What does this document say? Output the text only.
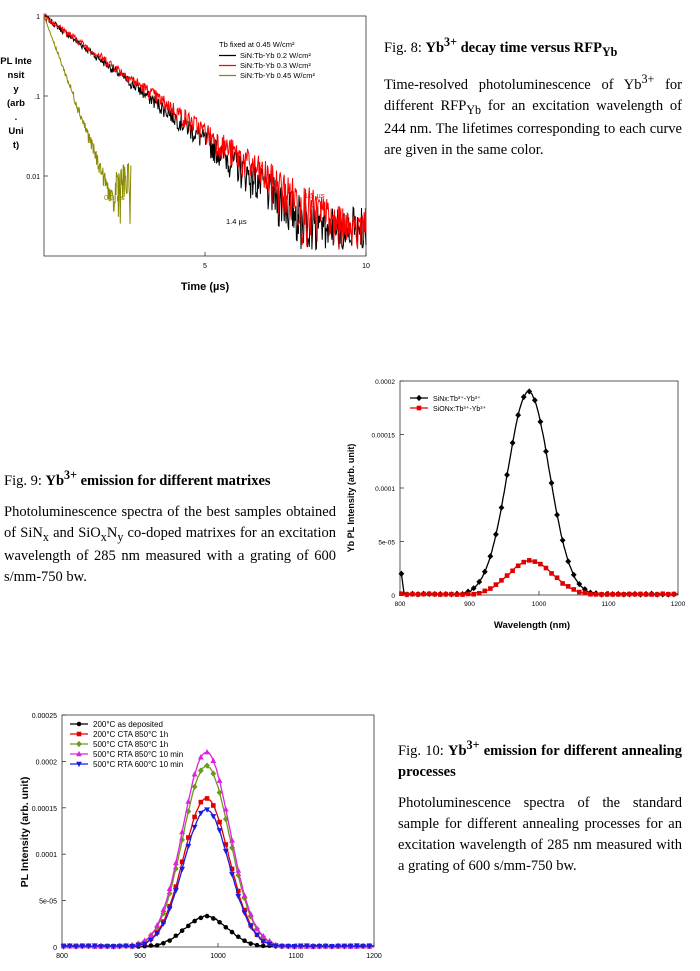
1
.1
0.01
5	10
0.3 µs	1.5 µs
1.4 µs
Tb fixed at 0.45 W/cm²
SiN:Tb-Yb 0.2 W/cm²
SiN:Tb-Yb 0.3 W/cm²
SiN:Tb-Yb 0.45 W/cm²
PL Inte
nsit
y
(arb
.
Uni
t)
Time (µs)

Fig. 8: $Yb^{3+}$ decay time versus $RFP_{Yb}$

Time-resolved photoluminescence of $Yb^{3+}$ for different $RFP_{Yb}$ for an excitation wavelength of 244 nm. The lifetimes corresponding to each curve are given in the same color.

Fig. 9: $Yb^{3+}$ emission for different matrixes

Photoluminescence spectra of the best samples obtained of SiN$_x$ and $SiO_xN_y$ co-doped matrixes for an excitation wavelength of 285 nm measured with a grating of 600 s/mm-750 bw.

0
5e-05
0.0001
0.00015
0.0002
800	900	1000	1100	1200
SiNx:Tb³⁺-Yb³⁺
SiONx:Tb³⁺-Yb³⁺
Yb PL Intensity (arb. unit)
Wavelength (nm)
0
5e-05
0.0001
0.00015
0.0002
0.00025
800	900	1000	1100	1200
200°C as deposited
200°C CTA 850°C 1h
500°C CTA 850°C 1h
500°C RTA 850°C 10 min
500°C RTA 600°C 10 min
PL Intensity (arb. unit)

Fig. 10: $Yb^{3+}$ emission for different annealing processes

Photoluminescence spectra of the standard sample for different annealing processes for an excitation wavelength of 285 nm measured with a grating of 600 s/mm-750 bw.
